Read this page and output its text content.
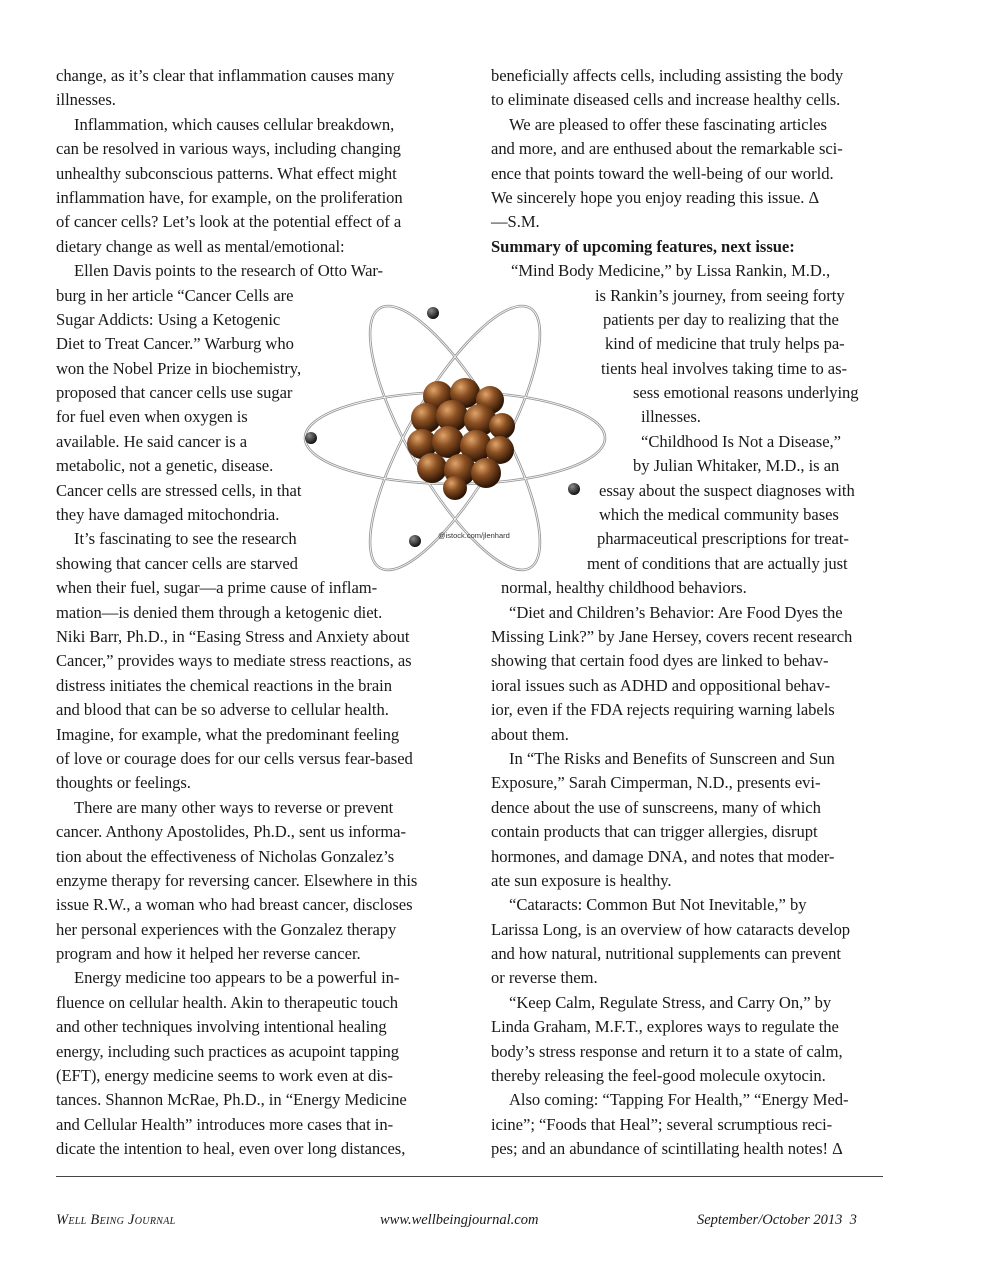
change, as it’s clear that inflammation causes many
illnesses.
Inflammation, which causes cellular breakdown,
can be resolved in various ways, including changing
unhealthy subconscious patterns. What effect might
inflammation have, for example, on the proliferation
of cancer cells? Let’s look at the potential effect of a
dietary change as well as mental/emotional:
Ellen Davis points to the research of Otto War-
burg in her article “Cancer Cells are
Sugar Addicts: Using a Ketogenic
Diet to Treat Cancer.” Warburg who
won the Nobel Prize in biochemistry,
proposed that cancer cells use sugar
for fuel even when oxygen is
available. He said cancer is a
metabolic, not a genetic, disease.
Cancer cells are stressed cells, in that
they have damaged mitochondria.
It’s fascinating to see the research
showing that cancer cells are starved
when their fuel, sugar—a prime cause of inflam-
mation—is denied them through a ketogenic diet.
Niki Barr, Ph.D., in “Easing Stress and Anxiety about
Cancer,” provides ways to mediate stress reactions, as
distress initiates the chemical reactions in the brain
and blood that can be so adverse to cellular health.
Imagine, for example, what the predominant feeling
of love or courage does for our cells versus fear-based
thoughts or feelings.
There are many other ways to reverse or prevent
cancer. Anthony Apostolides, Ph.D., sent us informa-
tion about the effectiveness of Nicholas Gonzalez’s
enzyme therapy for reversing cancer. Elsewhere in this
issue R.W., a woman who had breast cancer, discloses
her personal experiences with the Gonzalez therapy
program and how it helped her reverse cancer.
Energy medicine too appears to be a powerful in-
fluence on cellular health. Akin to therapeutic touch
and other techniques involving intentional healing
energy, including such practices as acupoint tapping
(EFT), energy medicine seems to work even at dis-
tances. Shannon McRae, Ph.D., in “Energy Medicine
and Cellular Health” introduces more cases that in-
dicate the intention to heal, even over long distances,
beneficially affects cells, including assisting the body
to eliminate diseased cells and increase healthy cells.
We are pleased to offer these fascinating articles
and more, and are enthused about the remarkable sci-
ence that points toward the well-being of our world.
We sincerely hope you enjoy reading this issue. Δ
—S.M.
Summary of upcoming features, next issue:
“Mind Body Medicine,” by Lissa Rankin, M.D.,
is Rankin’s journey, from seeing forty
patients per day to realizing that the
kind of medicine that truly helps pa-
tients heal involves taking time to as-
sess emotional reasons underlying
illnesses.
“Childhood Is Not a Disease,”
by Julian Whitaker, M.D., is an
essay about the suspect diagnoses with
which the medical community bases
pharmaceutical prescriptions for treat-
ment of conditions that are actually just
normal, healthy childhood behaviors.
“Diet and Children’s Behavior: Are Food Dyes the
Missing Link?” by Jane Hersey, covers recent research
showing that certain food dyes are linked to behav-
ioral issues such as ADHD and oppositional behav-
ior, even if the FDA rejects requiring warning labels
about them.
In “The Risks and Benefits of Sunscreen and Sun
Exposure,” Sarah Cimperman, N.D., presents evi-
dence about the use of sunscreens, many of which
contain products that can trigger allergies, disrupt
hormones, and damage DNA, and notes that moder-
ate sun exposure is healthy.
“Cataracts: Common But Not Inevitable,” by
Larissa Long, is an overview of how cataracts develop
and how natural, nutritional supplements can prevent
or reverse them.
“Keep Calm, Regulate Stress, and Carry On,” by
Linda Graham, M.F.T., explores ways to regulate the
body’s stress response and return it to a state of calm,
thereby releasing the feel-good molecule oxytocin.
Also coming: “Tapping For Health,” “Energy Med-
icine”; “Foods that Heal”; several scrumptious reci-
pes; and an abundance of scintillating health notes! Δ
@istock.com/jlenhard
Well Being Journal	www.wellbeingjournal.com	September/October 2013 3
